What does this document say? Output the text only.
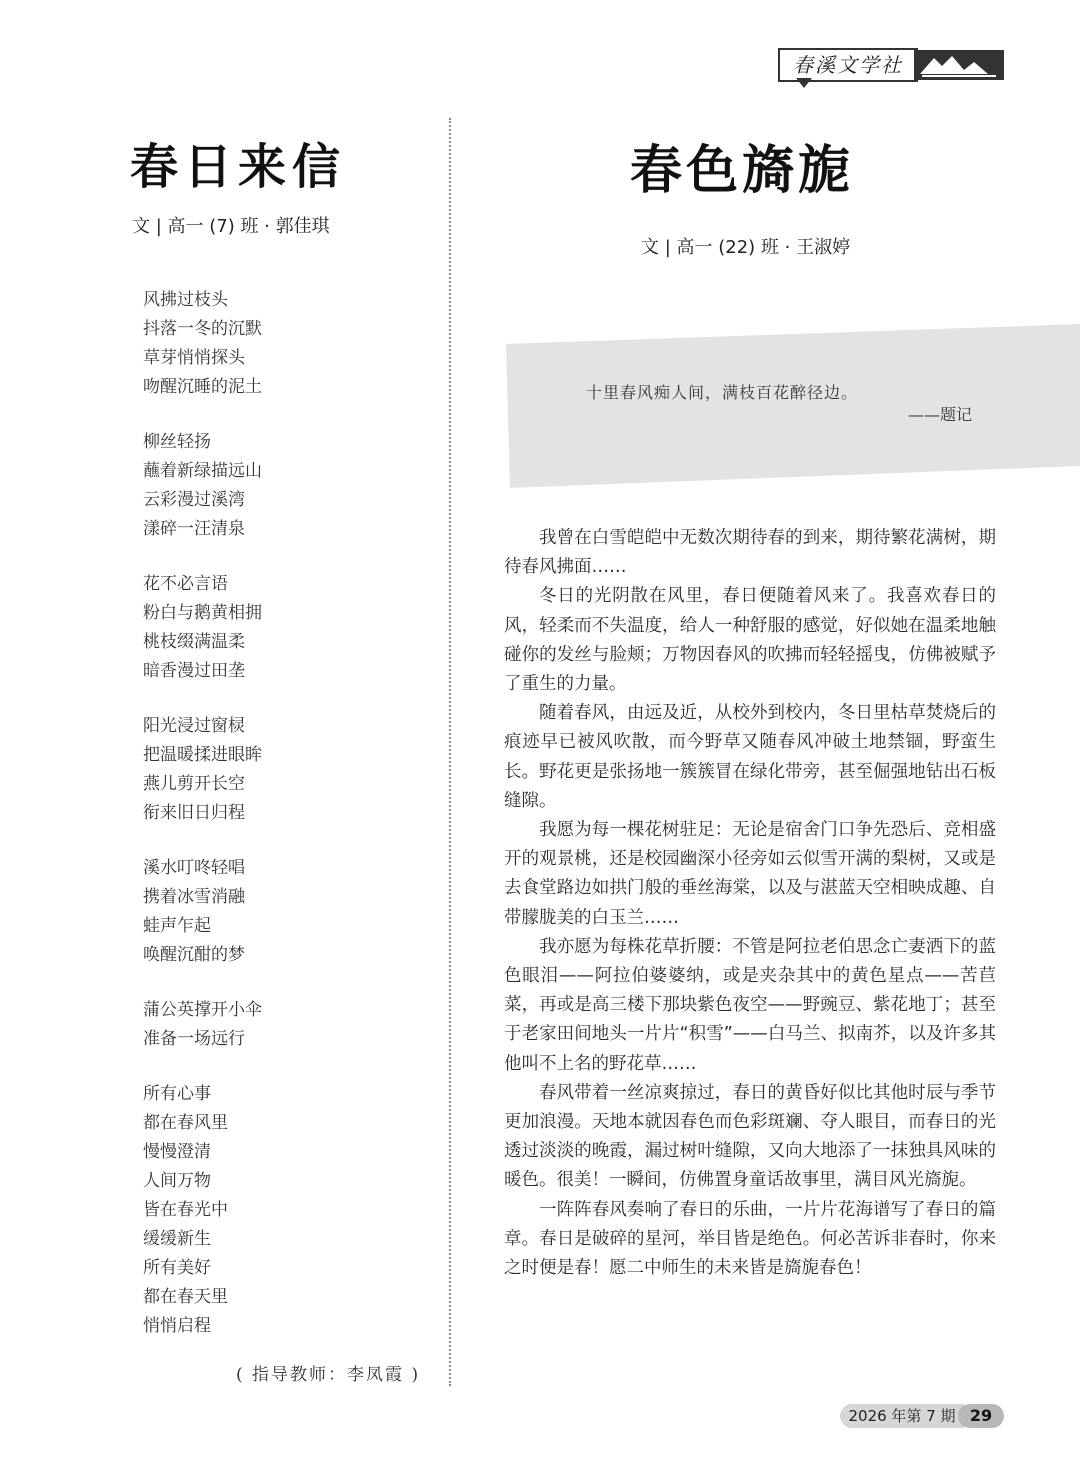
春溪文学社
春日来信
文 | 高一 (7) 班 · 郭佳琪
风拂过枝头
抖落一冬的沉默
草芽悄悄探头
吻醒沉睡的泥土
柳丝轻扬
蘸着新绿描远山
云彩漫过溪湾
漾碎一汪清泉
花不必言语
粉白与鹅黄相拥
桃枝缀满温柔
暗香漫过田垄
阳光浸过窗棂
把温暖揉进眼眸
燕儿剪开长空
衔来旧日归程
溪水叮咚轻唱
携着冰雪消融
蛙声乍起
唤醒沉酣的梦
蒲公英撑开小伞
准备一场远行
所有心事
都在春风里
慢慢澄清
人间万物
皆在春光中
缓缓新生
所有美好
都在春天里
悄悄启程
( 指导教师：李凤霞 )
春色旖旎
文 | 高一 (22) 班 · 王淑婷
十里春风痴人间，满枝百花醉径边。
——题记

我曾在白雪皑皑中无数次期待春的到来，期待繁花满树，期待春风拂面……

冬日的光阴散在风里，春日便随着风来了。我喜欢春日的风，轻柔而不失温度，给人一种舒服的感觉，好似她在温柔地触碰你的发丝与脸颊；万物因春风的吹拂而轻轻摇曳，仿佛被赋予了重生的力量。

随着春风，由远及近，从校外到校内，冬日里枯草焚烧后的痕迹早已被风吹散，而今野草又随春风冲破土地禁锢，野蛮生长。野花更是张扬地一簇簇冒在绿化带旁，甚至倔强地钻出石板缝隙。

我愿为每一棵花树驻足：无论是宿舍门口争先恐后、竞相盛开的观景桃，还是校园幽深小径旁如云似雪开满的梨树，又或是去食堂路边如拱门般的垂丝海棠，以及与湛蓝天空相映成趣、自带朦胧美的白玉兰……

我亦愿为每株花草折腰：不管是阿拉老伯思念亡妻洒下的蓝色眼泪——阿拉伯婆婆纳，或是夹杂其中的黄色星点——苦苣菜，再或是高三楼下那块紫色夜空——野豌豆、紫花地丁；甚至于老家田间地头一片片“积雪”——白马兰、拟南芥，以及许多其他叫不上名的野花草……

春风带着一丝凉爽掠过，春日的黄昏好似比其他时辰与季节更加浪漫。天地本就因春色而色彩斑斓、夺人眼目，而春日的光透过淡淡的晚霞，漏过树叶缝隙，又向大地添了一抹独具风味的暖色。很美！一瞬间，仿佛置身童话故事里，满目风光旖旎。

一阵阵春风奏响了春日的乐曲，一片片花海谱写了春日的篇章。春日是破碎的星河，举目皆是绝色。何必苦诉非春时，你来之时便是春！愿二中师生的未来皆是旖旎春色！

2026 年第 7 期 29
